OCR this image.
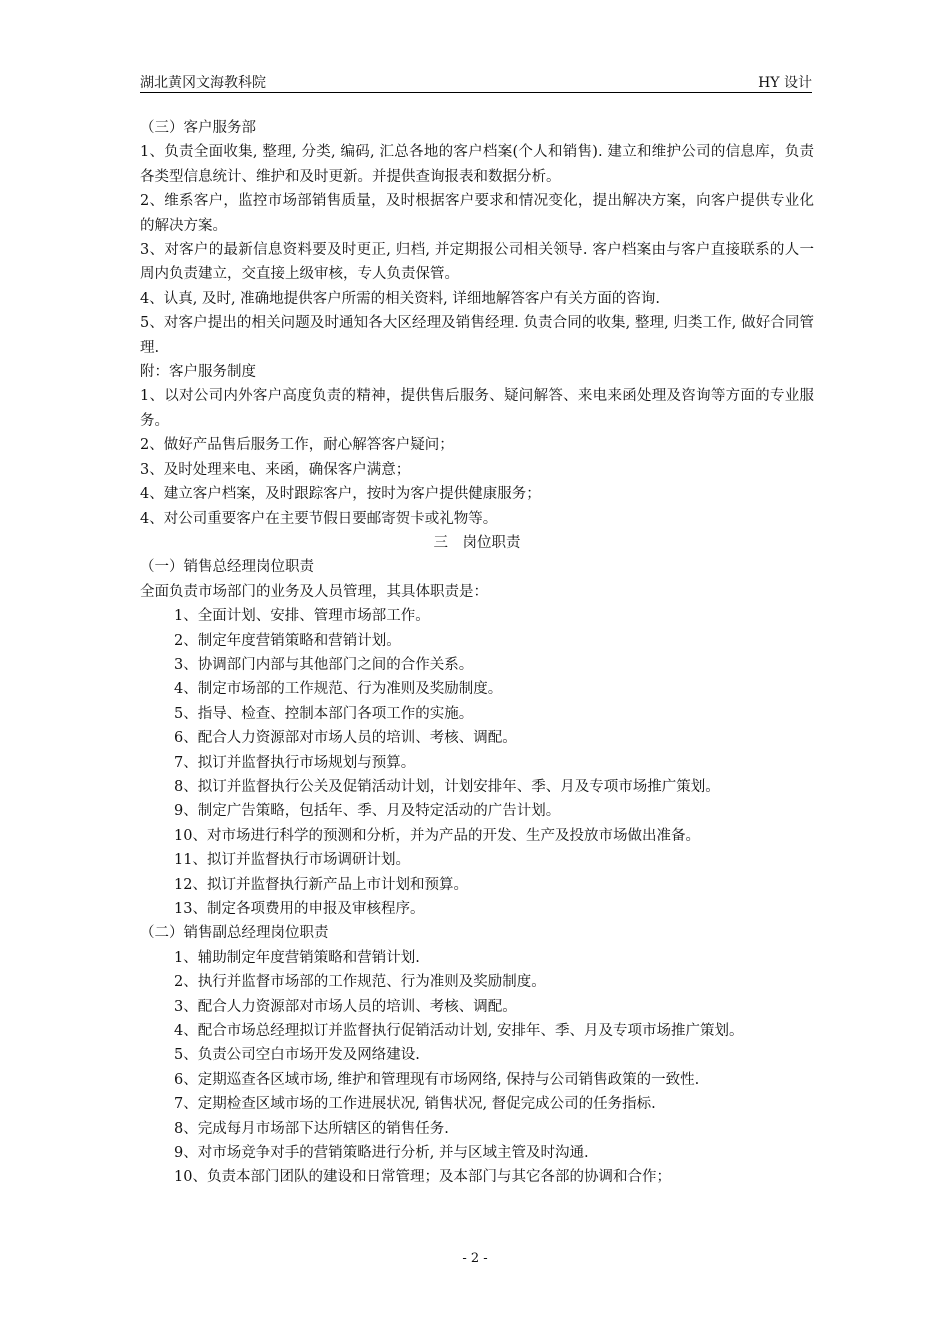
湖北黄冈文海教科院	HY 设计

（三）客户服务部

1、负责全面收集, 整理, 分类, 编码, 汇总各地的客户档案(个人和销售). 建立和维护公司的信息库，负责各类型信息统计、维护和及时更新。并提供查询报表和数据分析。

2、维系客户，监控市场部销售质量，及时根据客户要求和情况变化，提出解决方案，向客户提供专业化的解决方案。

3、对客户的最新信息资料要及时更正, 归档, 并定期报公司相关领导. 客户档案由与客户直接联系的人一周内负责建立，交直接上级审核，专人负责保管。

4、认真, 及时, 准确地提供客户所需的相关资料, 详细地解答客户有关方面的咨询.

5、对客户提出的相关问题及时通知各大区经理及销售经理. 负责合同的收集, 整理, 归类工作, 做好合同管理.

附：客户服务制度

1、以对公司内外客户高度负责的精神，提供售后服务、疑问解答、来电来函处理及咨询等方面的专业服务。

2、做好产品售后服务工作，耐心解答客户疑问；

3、及时处理来电、来函，确保客户满意；

4、建立客户档案，及时跟踪客户，按时为客户提供健康服务；

4、对公司重要客户在主要节假日要邮寄贺卡或礼物等。

三　岗位职责

（一）销售总经理岗位职责

全面负责市场部门的业务及人员管理，其具体职责是：

1、全面计划、安排、管理市场部工作。

2、制定年度营销策略和营销计划。

3、协调部门内部与其他部门之间的合作关系。

4、制定市场部的工作规范、行为准则及奖励制度。

5、指导、检查、控制本部门各项工作的实施。

6、配合人力资源部对市场人员的培训、考核、调配。

7、拟订并监督执行市场规划与预算。

8、拟订并监督执行公关及促销活动计划，计划安排年、季、月及专项市场推广策划。

9、制定广告策略，包括年、季、月及特定活动的广告计划。

10、对市场进行科学的预测和分析，并为产品的开发、生产及投放市场做出准备。

11、拟订并监督执行市场调研计划。

12、拟订并监督执行新产品上市计划和预算。

13、制定各项费用的申报及审核程序。

（二）销售副总经理岗位职责

1、辅助制定年度营销策略和营销计划.

2、执行并监督市场部的工作规范、行为准则及奖励制度。

3、配合人力资源部对市场人员的培训、考核、调配。

4、配合市场总经理拟订并监督执行促销活动计划, 安排年、季、月及专项市场推广策划。

5、负责公司空白市场开发及网络建设.

6、定期巡查各区域市场, 维护和管理现有市场网络, 保持与公司销售政策的一致性.

7、定期检查区域市场的工作进展状况, 销售状况, 督促完成公司的任务指标.

8、完成每月市场部下达所辖区的销售任务.

9、对市场竞争对手的营销策略进行分析, 并与区域主管及时沟通.

10、负责本部门团队的建设和日常管理；及本部门与其它各部的协调和合作；

- 2 -
